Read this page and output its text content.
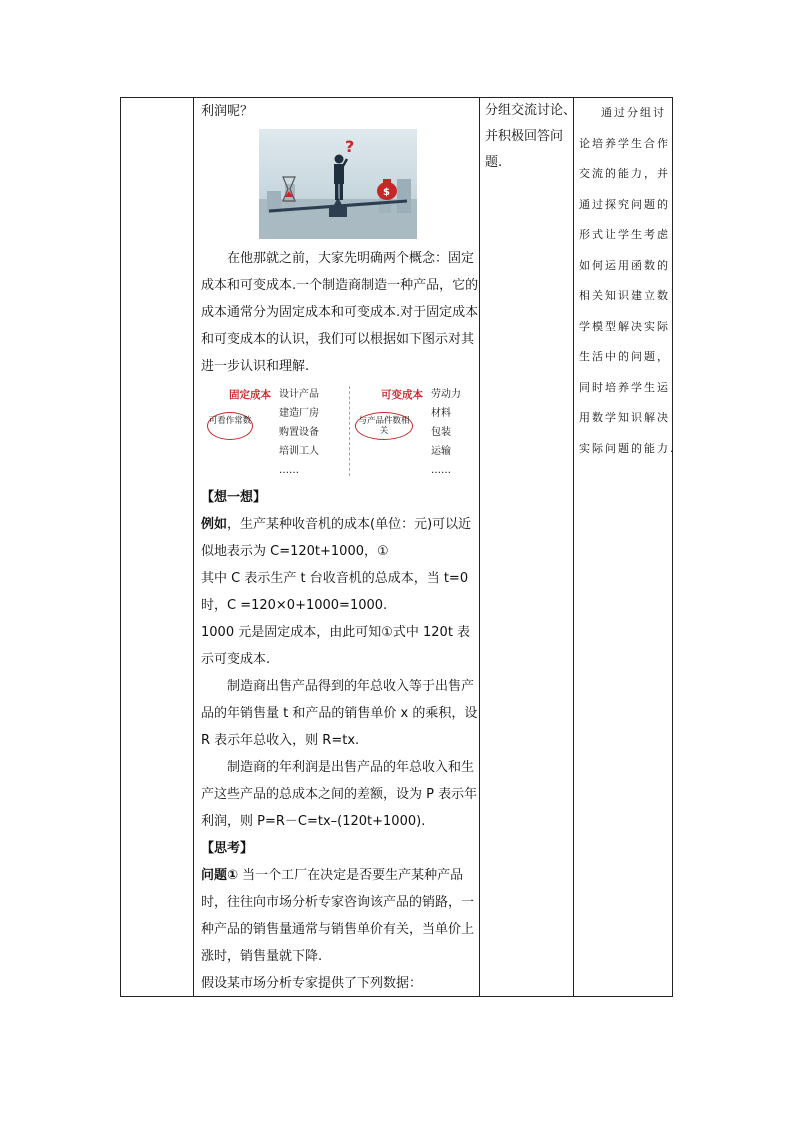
利润呢？

?
$

在他那就之前，大家先明确两个概念：固定成本和可变成本.一个制造商制造一种产品，它的成本通常分为固定成本和可变成本.对于固定成本和可变成本的认识，我们可以根据如下图示对其进一步认识和理解.

固定成本
可看作常数
设计产品
建造厂房
购置设备
培训工人
……
可变成本
与产品件数相关
劳动力
材料
包装
运输
……

【想一想】

例如，生产某种收音机的成本(单位：元)可以近似地表示为 C=120t+1000，①

其中 C 表示生产 t 台收音机的总成本，当 t=0 时，C =120×0+1000=1000.

1000 元是固定成本，由此可知①式中 120t 表示可变成本.

制造商出售产品得到的年总收入等于出售产品的年销售量 t 和产品的销售单价 x 的乘积，设 R 表示年总收入，则 R=tx.

制造商的年利润是出售产品的年总收入和生产这些产品的总成本之间的差额，设为 P 表示年利润，则 P=R－C=tx–(120t+1000).

【思考】

问题① 当一个工厂在决定是否要生产某种产品时，往往向市场分析专家咨询该产品的销路，一种产品的销售量通常与销售单价有关，当单价上涨时，销售量就下降.

假设某市场分析专家提供了下列数据：

分组交流讨论、并积极回答问题.
通过分组讨论培养学生合作交流的能力，并通过探究问题的形式让学生考虑如何运用函数的相关知识建立数学模型解决实际生活中的问题，同时培养学生运用数学知识解决实际问题的能力.
